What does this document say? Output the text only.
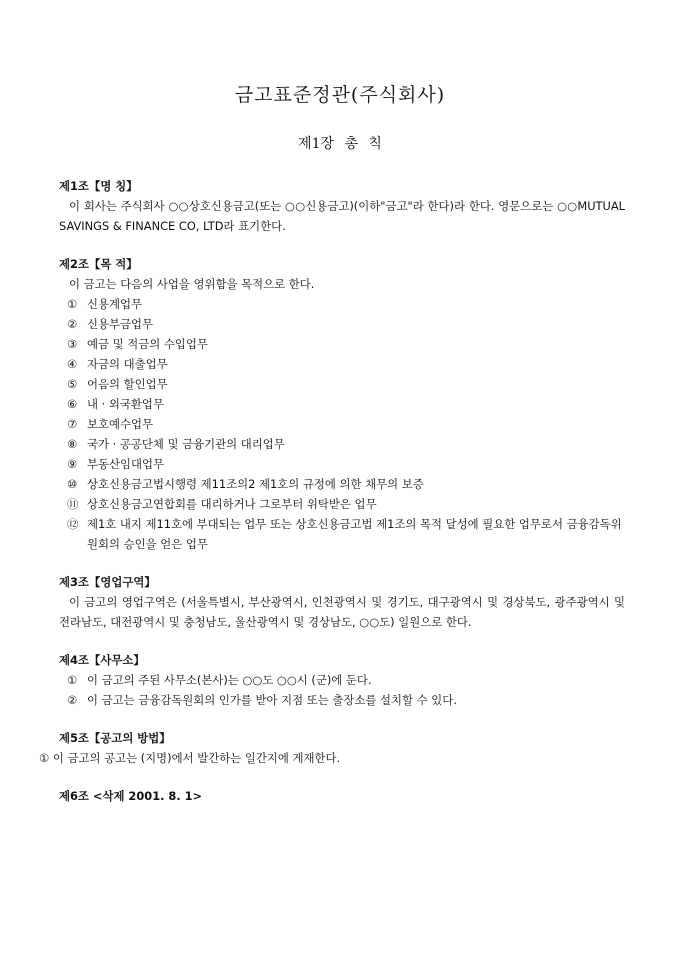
금고표준정관(주식회사)
제1장 총 칙
제1조【명 칭】
이 회사는 주식회사 ○○상호신용금고(또는 ○○신용금고)(이하"금고"라 한다)라 한다. 영문으로는 ○○MUTUAL SAVINGS & FINANCE CO, LTD라 표기한다.
제2조【목 적】
이 금고는 다음의 사업을 영위함을 목적으로 한다.
① 신용계업무
② 신용부금업무
③ 예금 및 적금의 수입업무
④ 자금의 대출업무
⑤ 어음의 할인업무
⑥ 내 · 외국환업무
⑦ 보호예수업무
⑧ 국가 · 공공단체 및 금융기관의 대리업무
⑨ 부동산임대업무
⑩ 상호신용금고법시행령 제11조의2 제1호의 규정에 의한 채무의 보증
⑪ 상호신용금고연합회를 대리하거나 그로부터 위탁받은 업무
⑫ 제1호 내지 제11호에 부대되는 업무 또는 상호신용금고법 제1조의 목적 달성에 필요한 업무로서 금융감독위원회의 승인을 얻은 업무
제3조【영업구역】
이 금고의 영업구역은 (서울특별시, 부산광역시, 인천광역시 및 경기도, 대구광역시 및 경상북도, 광주광역시 및 전라남도, 대전광역시 및 충청남도, 울산광역시 및 경상남도, ○○도) 일원으로 한다.
제4조【사무소】
① 이 금고의 주된 사무소(본사)는 ○○도 ○○시 (군)에 둔다.
② 이 금고는 금융감독원회의 인가를 받아 지점 또는 출장소를 설치할 수 있다.
제5조【공고의 방법】
① 이 금고의 공고는 (지명)에서 발간하는 일간지에 게재한다.
제6조 <삭제 2001. 8. 1>
